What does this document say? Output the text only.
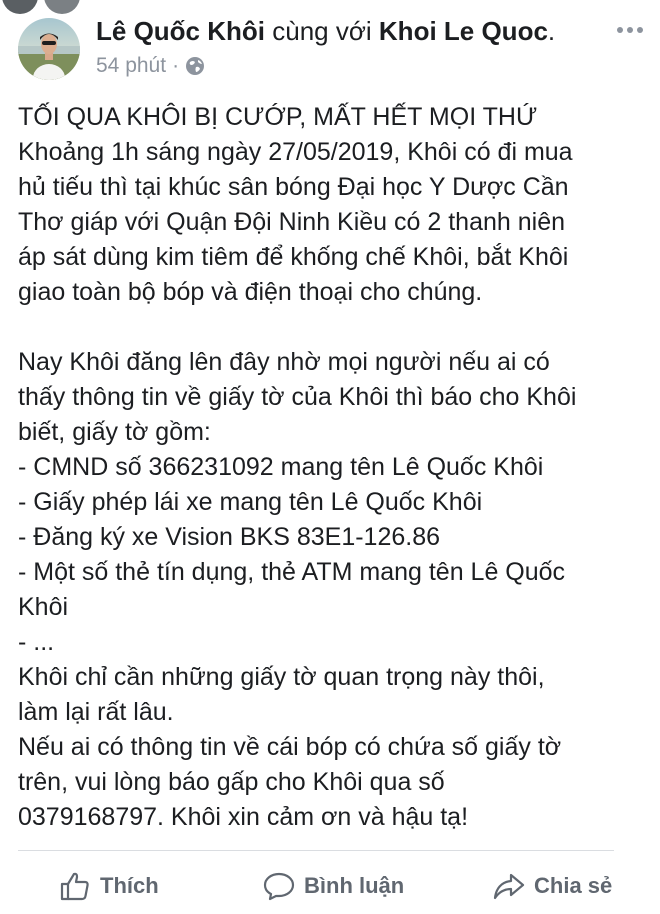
Lê Quốc Khôi cùng với Khoi Le Quoc.
54 phút ·
TỐI QUA KHÔI BỊ CƯỚP, MẤT HẾT MỌI THỨ
Khoảng 1h sáng ngày 27/05/2019, Khôi có đi mua
hủ tiếu thì tại khúc sân bóng Đại học Y Dược Cần
Thơ giáp với Quận Đội Ninh Kiều có 2 thanh niên
áp sát dùng kim tiêm để khống chế Khôi, bắt Khôi
giao toàn bộ bóp và điện thoại cho chúng.
Nay Khôi đăng lên đây nhờ mọi người nếu ai có
thấy thông tin về giấy tờ của Khôi thì báo cho Khôi
biết, giấy tờ gồm:
- CMND số 366231092 mang tên Lê Quốc Khôi
- Giấy phép lái xe mang tên Lê Quốc Khôi
- Đăng ký xe Vision BKS 83E1-126.86
- Một số thẻ tín dụng, thẻ ATM mang tên Lê Quốc
Khôi
- ...
Khôi chỉ cần những giấy tờ quan trọng này thôi,
làm lại rất lâu.
Nếu ai có thông tin về cái bóp có chứa số giấy tờ
trên, vui lòng báo gấp cho Khôi qua số
0379168797. Khôi xin cảm ơn và hậu tạ!
Thích	Bình luận	Chia sẻ
